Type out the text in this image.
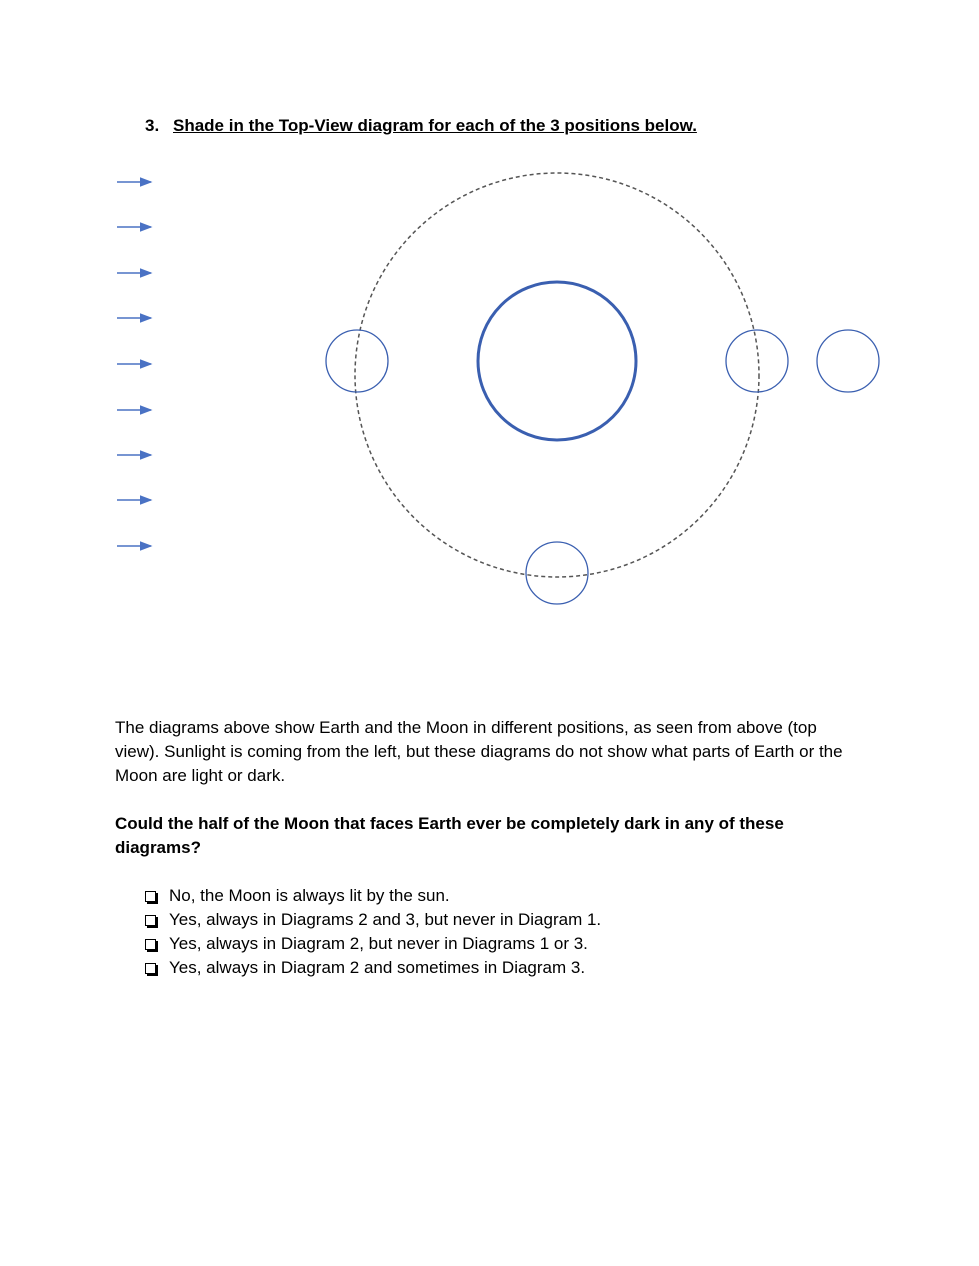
3. Shade in the Top-View diagram for each of the 3 positions below.
The diagrams above show Earth and the Moon in different positions, as seen from above (top view). Sunlight is coming from the left, but these diagrams do not show what parts of Earth or the Moon are light or dark.
Could the half of the Moon that faces Earth ever be completely dark in any of these diagrams?
No, the Moon is always lit by the sun.
Yes, always in Diagrams 2 and 3, but never in Diagram 1.
Yes, always in Diagram 2, but never in Diagrams 1 or 3.
Yes, always in Diagram 2 and sometimes in Diagram 3.
